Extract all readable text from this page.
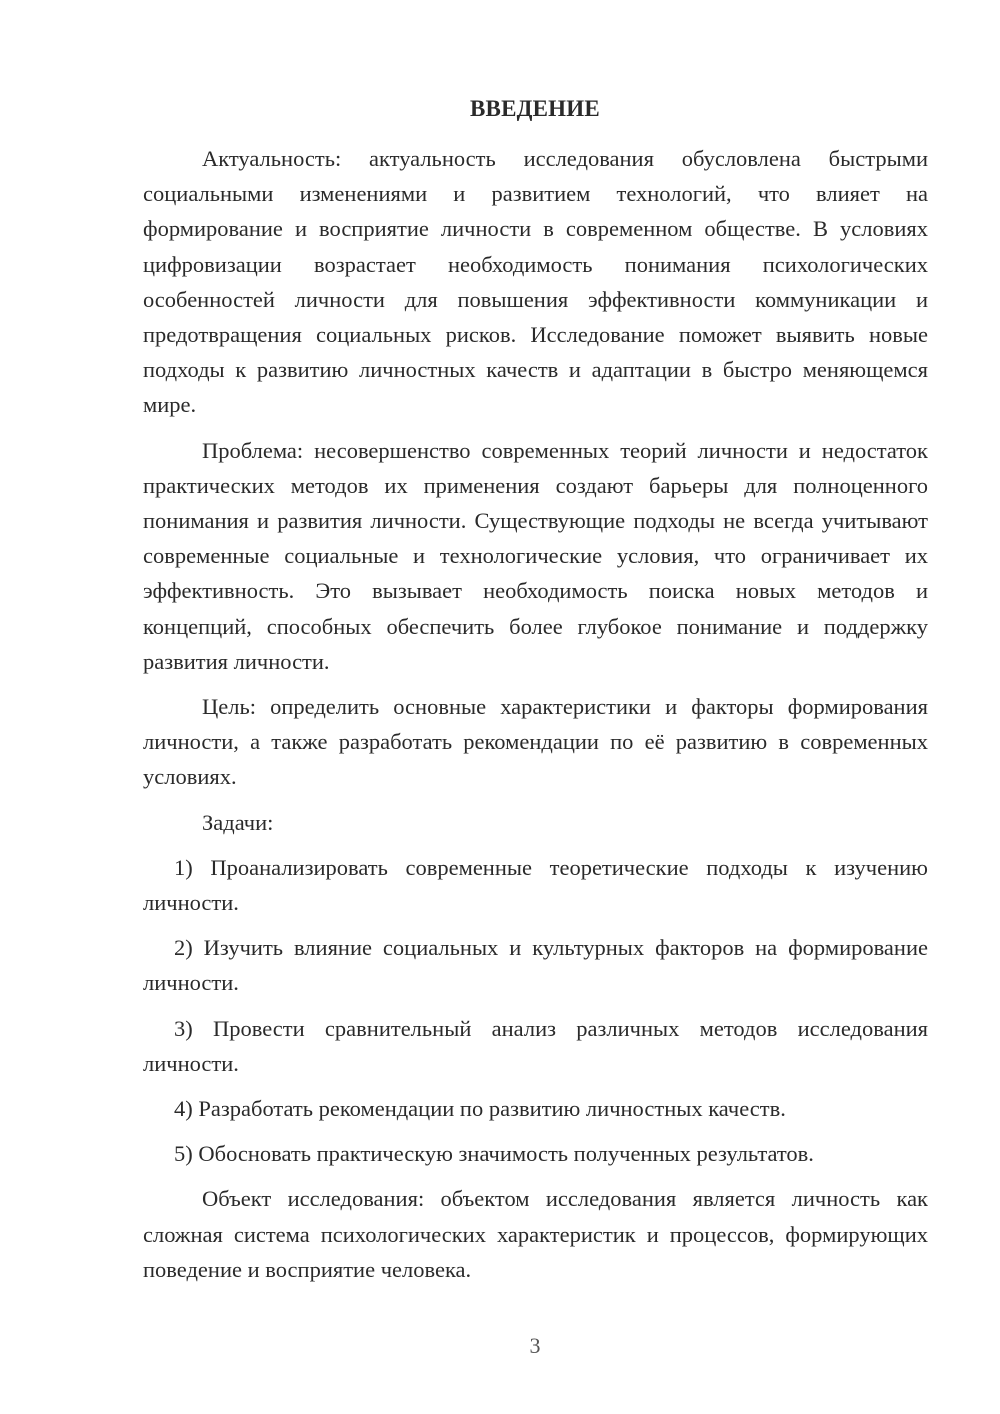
ВВЕДЕНИЕ

Актуальность: актуальность исследования обусловлена быстрыми социальными изменениями и развитием технологий, что влияет на формирование и восприятие личности в современном обществе. В условиях цифровизации возрастает необходимость понимания психологических особенностей личности для повышения эффективности коммуникации и предотвращения социальных рисков. Исследование поможет выявить новые подходы к развитию личностных качеств и адаптации в быстро меняющемся мире.

Проблема: несовершенство современных теорий личности и недостаток практических методов их применения создают барьеры для полноценного понимания и развития личности. Существующие подходы не всегда учитывают современные социальные и технологические условия, что ограничивает их эффективность. Это вызывает необходимость поиска новых методов и концепций, способных обеспечить более глубокое понимание и поддержку развития личности.

Цель: определить основные характеристики и факторы формирования личности, а также разработать рекомендации по её развитию в современных условиях.

Задачи:

1) Проанализировать современные теоретические подходы к изучению личности.

2) Изучить влияние социальных и культурных факторов на формирование личности.

3) Провести сравнительный анализ различных методов исследования личности.

4) Разработать рекомендации по развитию личностных качеств.

5) Обосновать практическую значимость полученных результатов.

Объект исследования: объектом исследования является личность как сложная система психологических характеристик и процессов, формирующих поведение и восприятие человека.

3
